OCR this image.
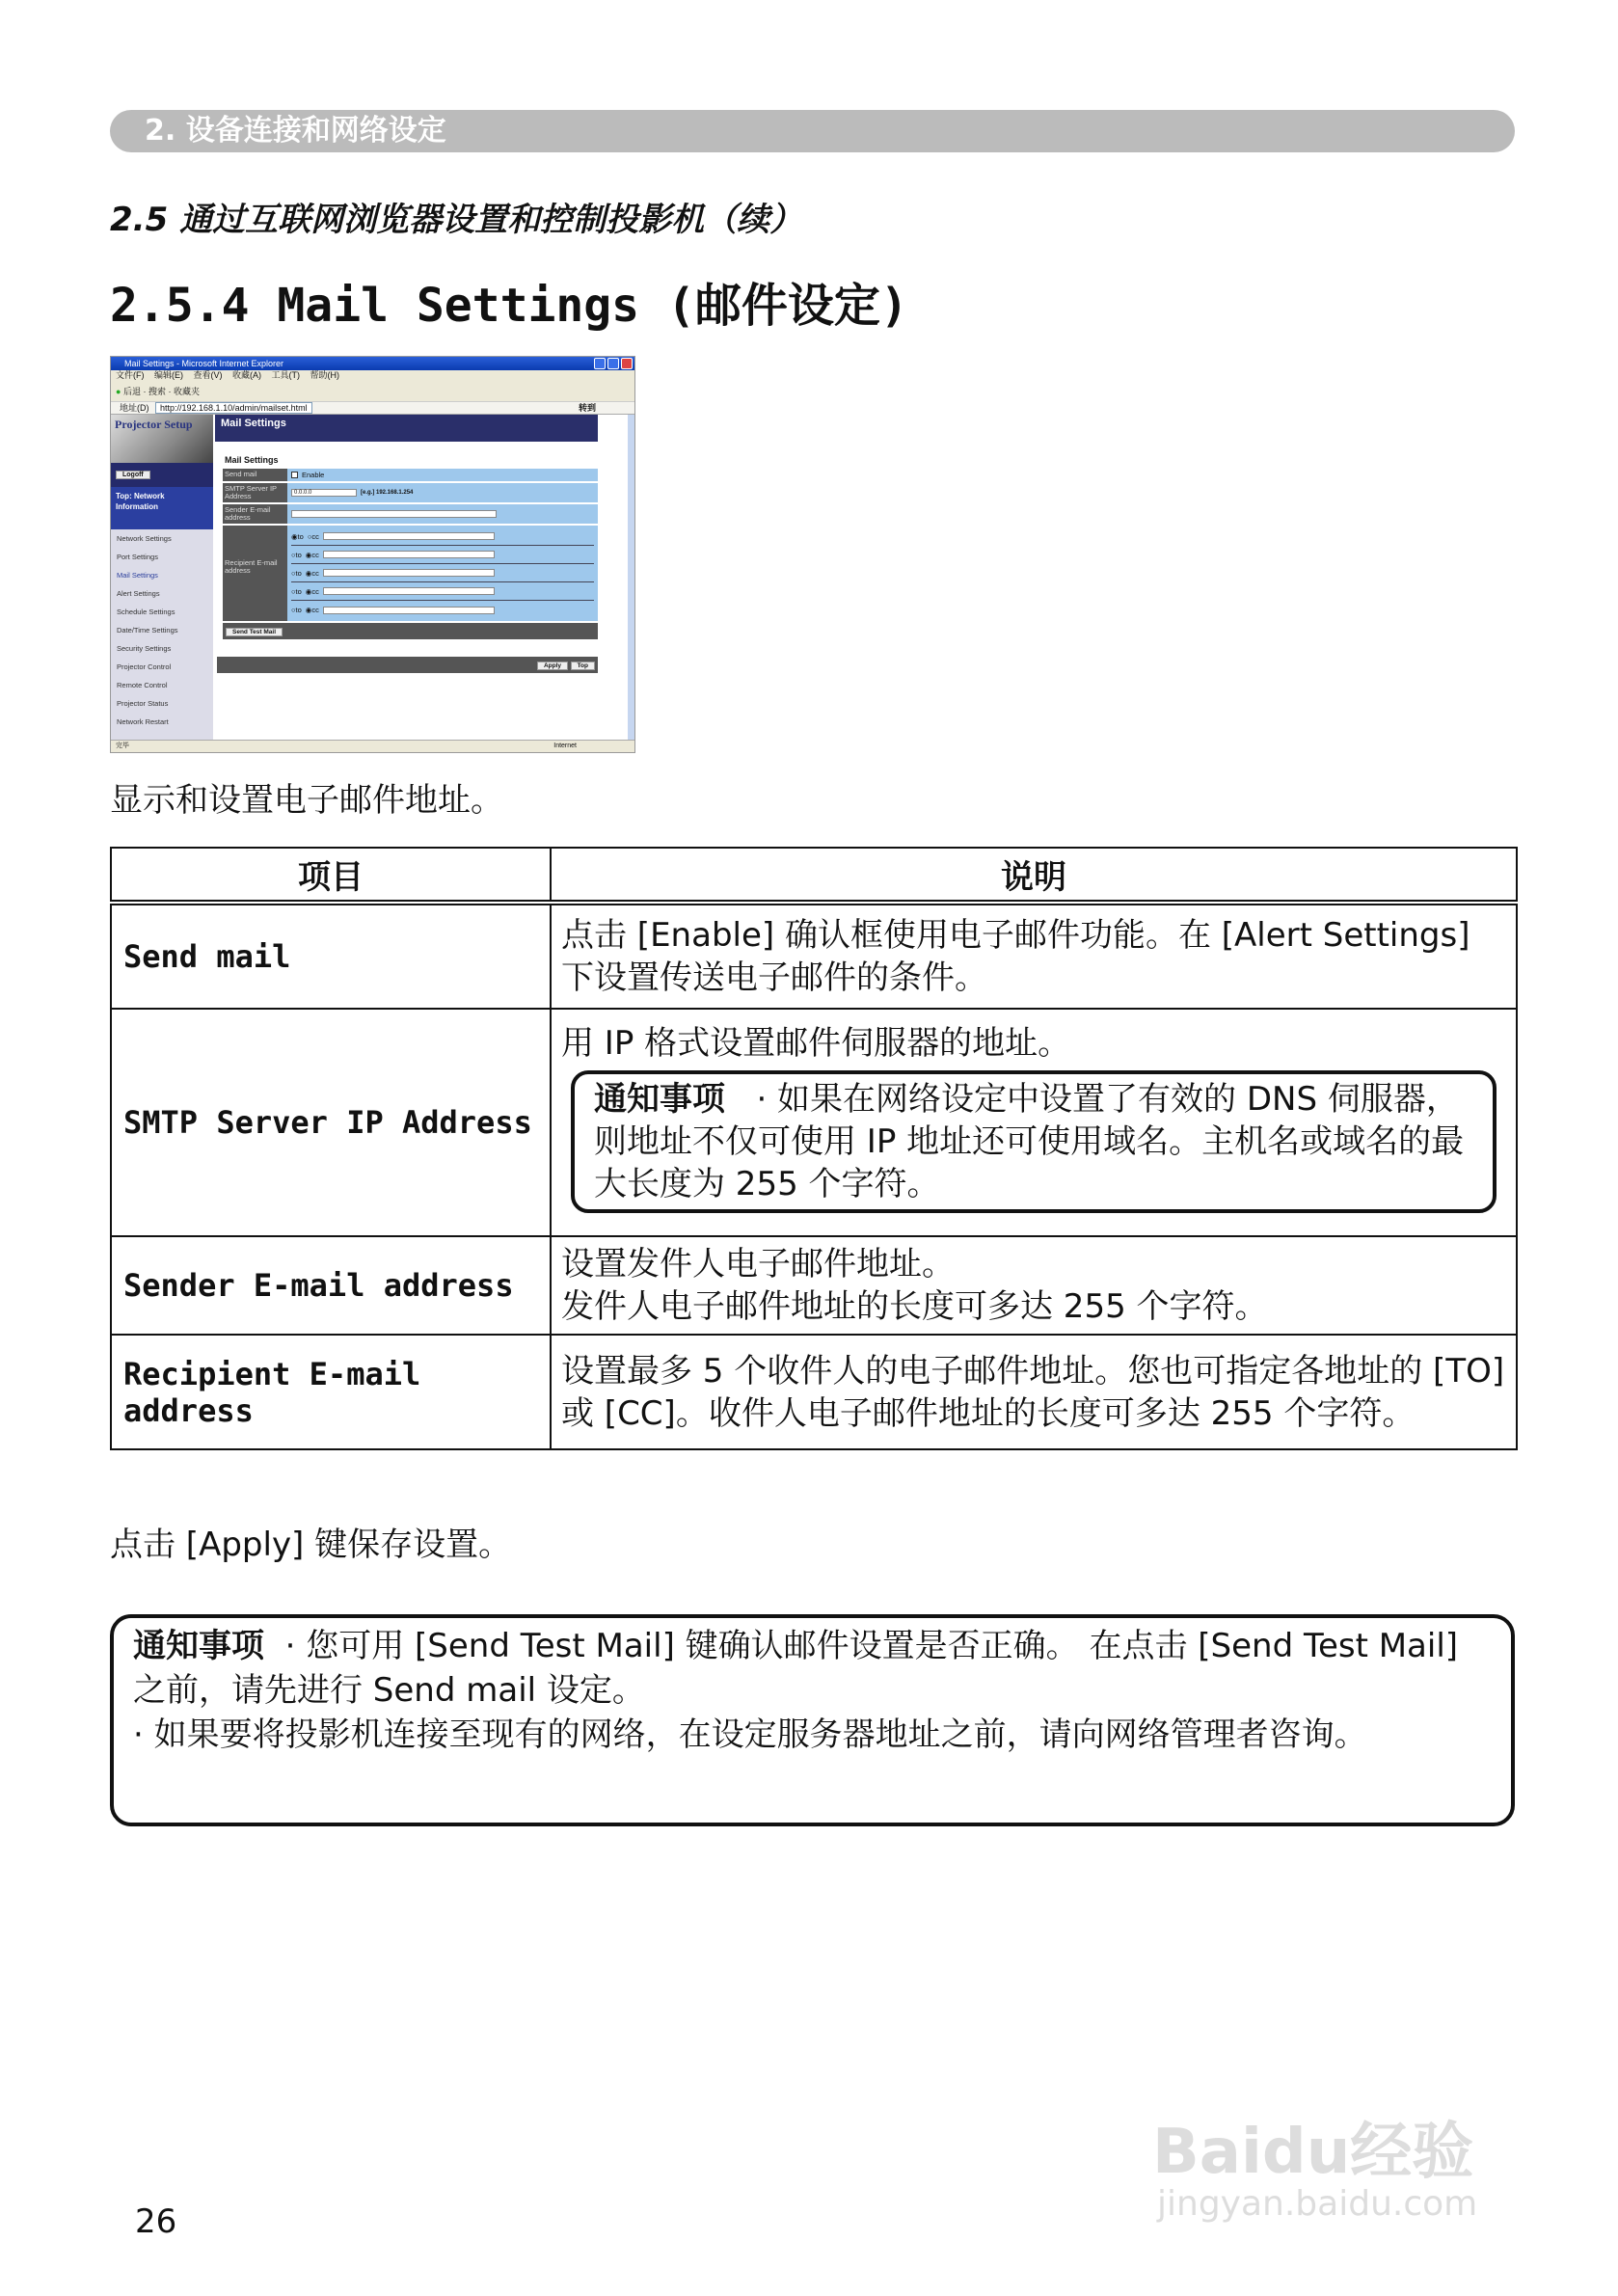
2. 设备连接和网络设定
2.5 通过互联网浏览器设置和控制投影机（续）
2.5.4 Mail Settings (邮件设定)
Mail Settings - Microsoft Internet Explorer
文件(F) 编辑(E) 查看(V) 收藏(A) 工具(T) 帮助(H)
● 后退 · 搜索 · 收藏夹
地址(D) http://192.168.1.10/admin/mailset.html	转到
Projector Setup
Logoff
Top: Network Information
Network Settings
Port Settings
Mail Settings
Alert Settings
Schedule Settings
Date/Time Settings
Security Settings
Projector Control
Remote Control
Projector Status
Network Restart
Mail Settings
Mail Settings
Send mail	Enable
SMTP Server IP Address	0.0.0.0	[e.g.] 192.168.1.254
Sender E-mail address
Recipient E-mail address
◉to ○cc
○to ◉cc
○to ◉cc
○to ◉cc
○to ◉cc
Send Test Mail
Apply	Top
完毕	Internet
显示和设置电子邮件地址。
项目	说明
Send mail	点击 [Enable] 确认框使用电子邮件功能。在 [Alert Settings] 下设置传送电子邮件的条件。
SMTP Server IP Address	用 IP 格式设置邮件伺服器的地址。
通知事项 · 如果在网络设定中设置了有效的 DNS 伺服器，则地址不仅可使用 IP 地址还可使用域名。主机名或域名的最大长度为 255 个字符。

Sender E-mail address	设置发件人电子邮件地址。
发件人电子邮件地址的长度可多达 255 个字符。

Recipient E-mail address	设置最多 5 个收件人的电子邮件地址。您也可指定各地址的 [TO] 或 [CC]。收件人电子邮件地址的长度可多达 255 个字符。
点击 [Apply] 键保存设置。
通知事项 · 您可用 [Send Test Mail] 键确认邮件设置是否正确。 在点击 [Send Test Mail] 之前，请先进行 Send mail 设定。
· 如果要将投影机连接至现有的网络，在设定服务器地址之前，请向网络管理者咨询。
26
Baidu经验
jingyan.baidu.com
